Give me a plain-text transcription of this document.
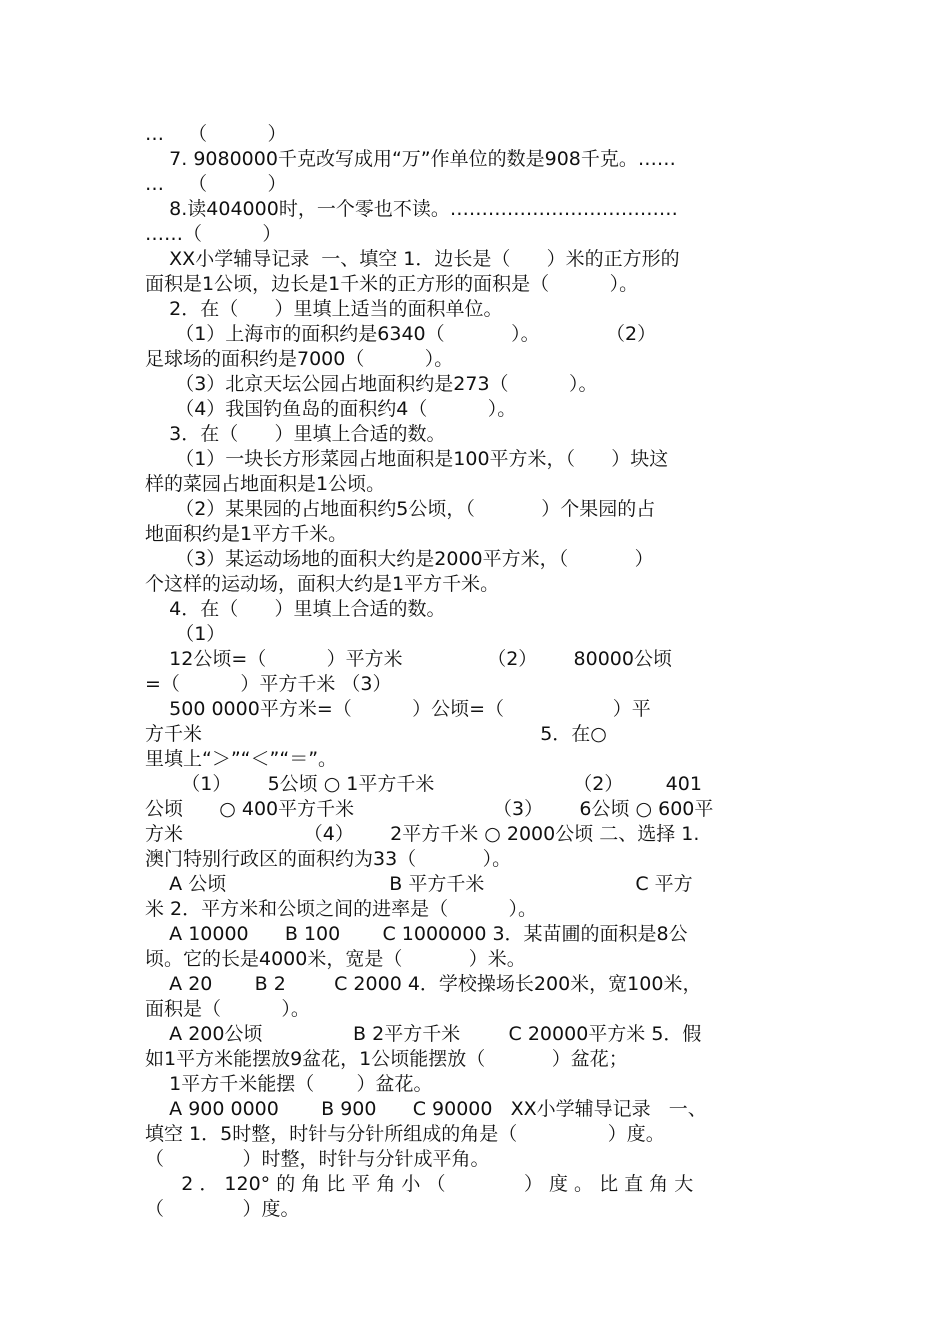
…    （          ）
7. 9080000千克改写成用“万”作单位的数是908千克。……
…    （          ）
8.读404000时，一个零也不读。………………………………
……（          ）
XX小学辅导记录  一、填空 1．边长是（      ）米的正方形的
面积是1公顷，边长是1千米的正方形的面积是（          ）。
2．在（      ）里填上适当的面积单位。
（1）上海市的面积约是6340（           ）。           （2）
足球场的面积约是7000（          ）。
（3）北京天坛公园占地面积约是273（          ）。
（4）我国钓鱼岛的面积约4（          ）。
3．在（      ）里填上合适的数。
（1）一块长方形菜园占地面积是100平方米，（      ）块这
样的菜园占地面积是1公顷。
（2）某果园的占地面积约5公顷，（           ）个果园的占
地面积约是1平方千米。
（3）某运动场地的面积大约是2000平方米，（           ）
个这样的运动场，面积大约是1平方千米。
4．在（      ）里填上合适的数。
（1）
12公顷=（          ）平方米              （2）      80000公顷
=（          ）平方千米 （3）
500 0000平方米=（          ）公顷=（                  ）平
方千米                                                        5．在○
里填上“＞”“＜”“＝”。
（1）      5公顷 ○ 1平方千米                       （2）       401
公顷      ○ 400平方千米                       （3）      6公顷 ○ 600平
方米                    （4）      2平方千米 ○ 2000公顷 二、选择 1.
澳门特别行政区的面积约为33（           ）。
A 公顷                           B 平方千米                         C 平方
米 2．平方米和公顷之间的进率是（          ）。
A 10000      B 100       C 1000000 3．某苗圃的面积是8公
顷。它的长是4000米，宽是（           ）米。
A 20       B 2        C 2000 4．学校操场长200米，宽100米，
面积是（          ）。
A 200公顷               B 2平方千米        C 20000平方米 5．假
如1平方米能摆放9盆花，1公顷能摆放（           ）盆花；
1平方千米能摆（       ）盆花。
A 900 0000       B 900      C 90000   XX小学辅导记录   一、
填空 1．5时整，时针与分针所组成的角是（               ）度。
（             ）时整，时针与分针成平角。
2 ． 120° 的 角 比 平 角 小 （             ） 度 。 比 直 角 大
（             ）度。
